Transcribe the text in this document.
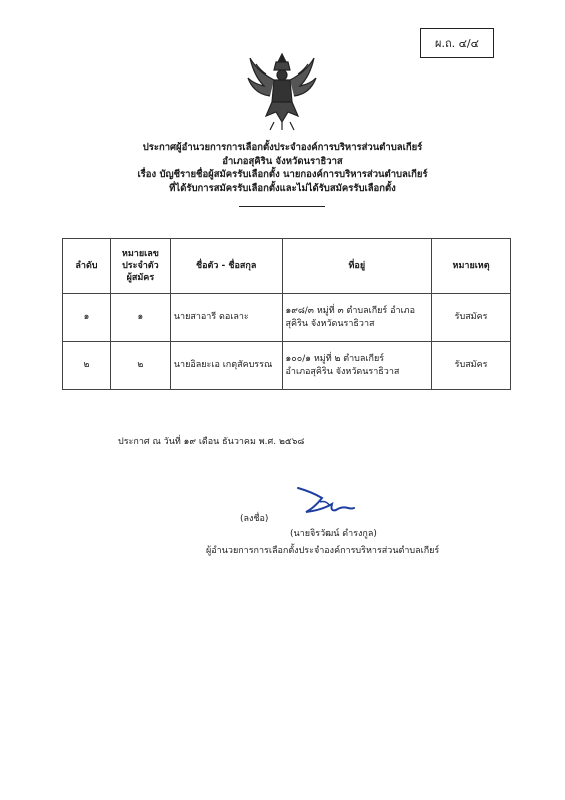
ผ.ถ. ๔/๔
ประกาศผู้อำนวยการการเลือกตั้งประจำองค์การบริหารส่วนตำบลเกียร์
อำเภอสุคิริน จังหวัดนราธิวาส
เรื่อง บัญชีรายชื่อผู้สมัครรับเลือกตั้ง นายกองค์การบริหารส่วนตำบลเกียร์
ที่ได้รับการสมัครรับเลือกตั้งและไม่ได้รับสมัครรับเลือกตั้ง
ลำดับ	หมายเลข
ประจำตัว
ผู้สมัคร	ชื่อตัว - ชื่อสกุล	ที่อยู่	หมายเหตุ
๑	๑	นายสาอารี ดอเลาะ	๑๙๘/๓ หมู่ที่ ๓ ตำบลเกียร์ อำเภอ
สุคิริน จังหวัดนราธิวาส	รับสมัคร
๒	๒	นายอิลยะเอ เกตุสัคบรรณ	๑๐๐/๑ หมู่ที่ ๒ ตำบลเกียร์
อำเภอสุคิริน จังหวัดนราธิวาส	รับสมัคร
ประกาศ ณ วันที่ ๑๙ เดือน ธันวาคม พ.ศ. ๒๕๖๘
(ลงชื่อ)
(นายจิรวัฒน์ ดำรงกูล)
ผู้อำนวยการการเลือกตั้งประจำองค์การบริหารส่วนตำบลเกียร์
